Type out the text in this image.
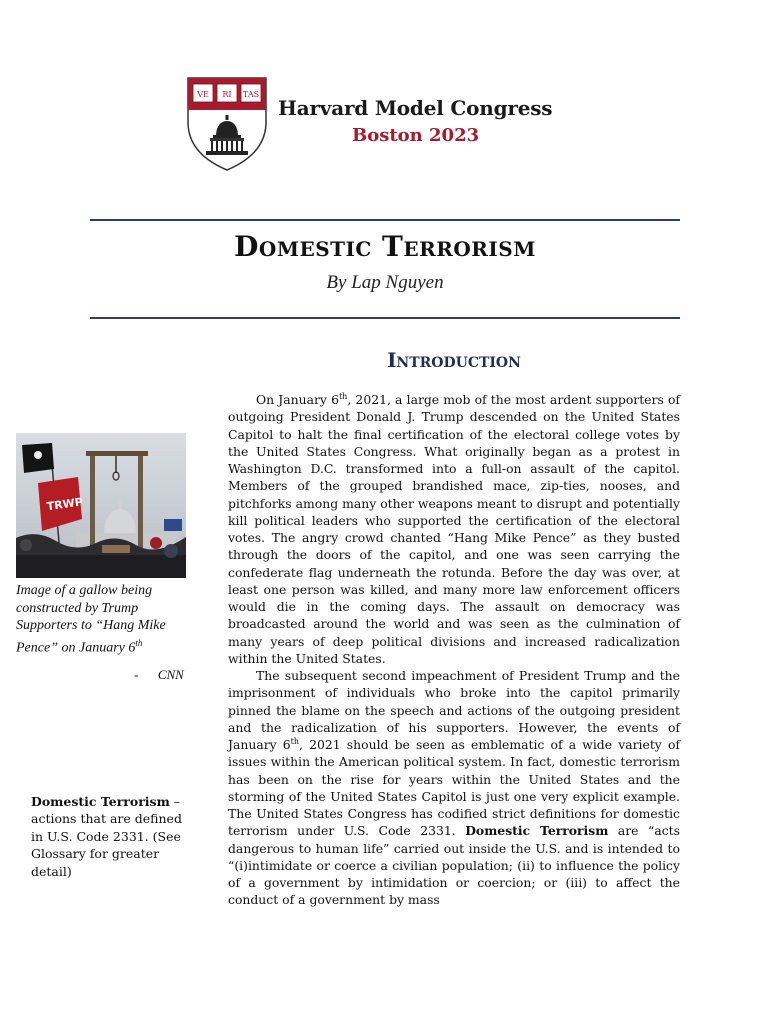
VE RI TAS
Harvard Model Congress
Boston 2023
Domestic Terrorism

By Lap Nguyen

Introduction
TRWP

Image of a gallow being constructed by Trump Supporters to “Hang Mike Pence” on January 6th

-      CNN

Domestic Terrorism – actions that are defined in U.S. Code 2331. (See Glossary for greater detail)

On January 6th, 2021, a large mob of the most ardent supporters of outgoing President Donald J. Trump descended on the United States Capitol to halt the final certification of the electoral college votes by the United States Congress. What originally began as a protest in Washington D.C. transformed into a full-on assault of the capitol. Members of the grouped brandished mace, zip-ties, nooses, and pitchforks among many other weapons meant to disrupt and potentially kill political leaders who supported the certification of the electoral votes. The angry crowd chanted “Hang Mike Pence” as they busted through the doors of the capitol, and one was seen carrying the confederate flag underneath the rotunda. Before the day was over, at least one person was killed, and many more law enforcement officers would die in the coming days. The assault on democracy was broadcasted around the world and was seen as the culmination of many years of deep political divisions and increased radicalization within the United States.

The subsequent second impeachment of President Trump and the imprisonment of individuals who broke into the capitol primarily pinned the blame on the speech and actions of the outgoing president and the radicalization of his supporters. However, the events of January 6th, 2021 should be seen as emblematic of a wide variety of issues within the American political system. In fact, domestic terrorism has been on the rise for years within the United States and the storming of the United States Capitol is just one very explicit example. The United States Congress has codified strict definitions for domestic terrorism under U.S. Code 2331. Domestic Terrorism are “acts dangerous to human life” carried out inside the U.S. and is intended to “(i)intimidate or coerce a civilian population; (ii) to influence the policy of a government by intimidation or coercion; or (iii) to affect the conduct of a government by mass
